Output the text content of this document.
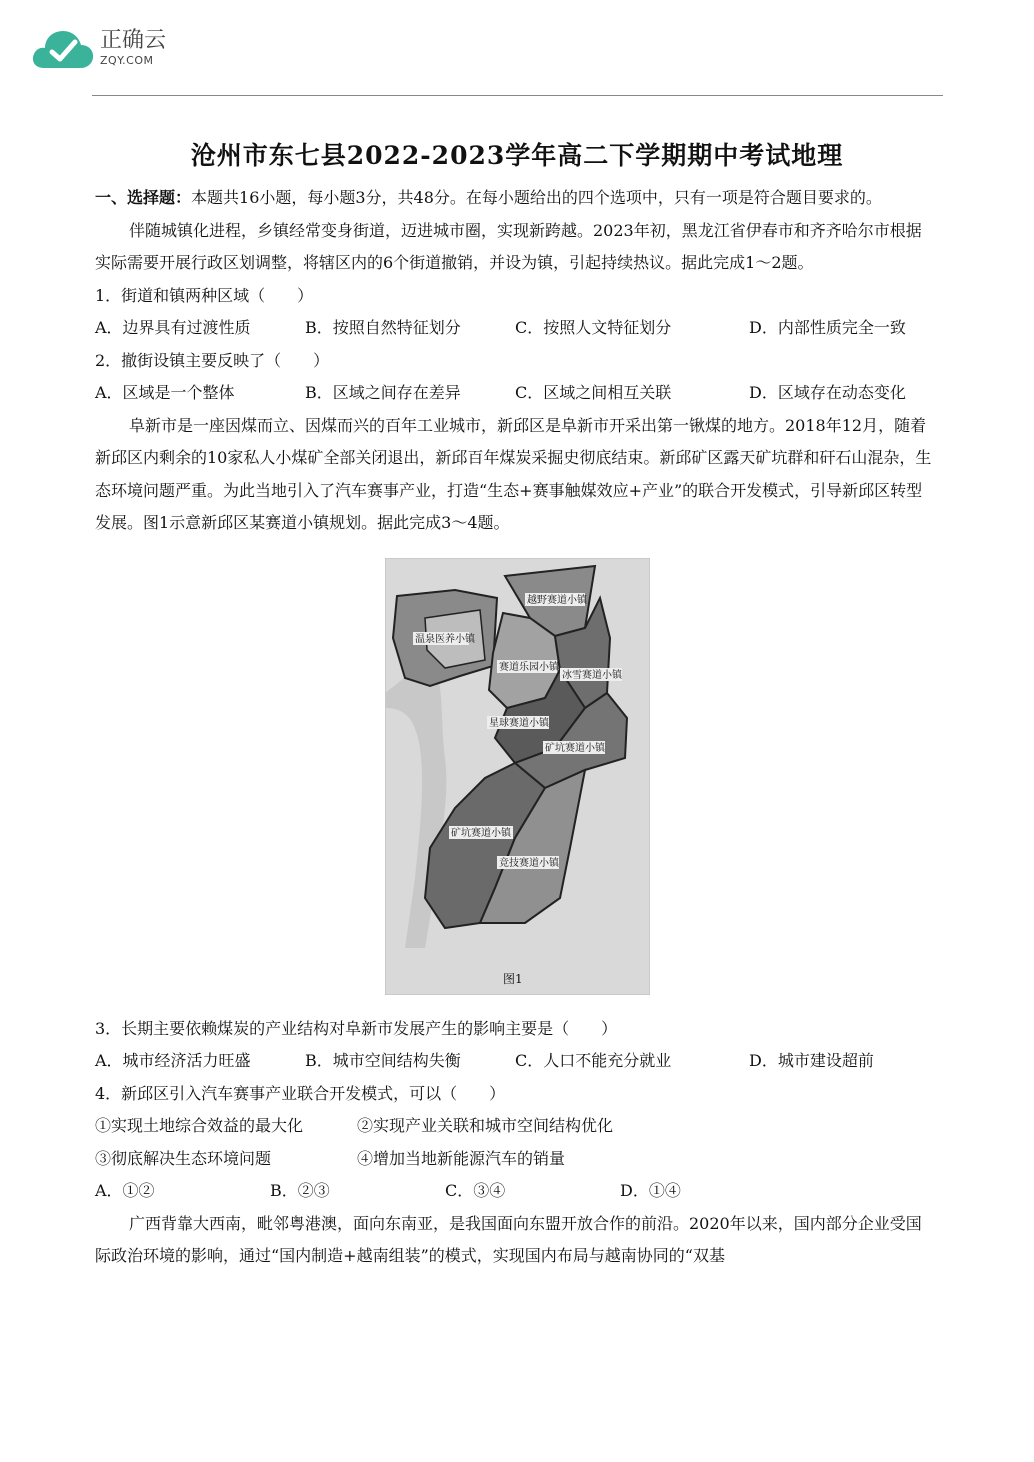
正确云
ZQY.COM
沧州市东七县2022-2023学年高二下学期期中考试地理

一、选择题：本题共16小题，每小题3分，共48分。在每小题给出的四个选项中，只有一项是符合题目要求的。

伴随城镇化进程，乡镇经常变身街道，迈进城市圈，实现新跨越。2023年初，黑龙江省伊春市和齐齐哈尔市根据实际需要开展行政区划调整，将辖区内的6个街道撤销，并设为镇，引起持续热议。据此完成1～2题。

1．街道和镇两种区域（　　）

A．边界具有过渡性质	B．按照自然特征划分	C．按照人文特征划分	D．内部性质完全一致

2．撤街设镇主要反映了（　　）

A．区域是一个整体	B．区域之间存在差异	C．区域之间相互关联	D．区域存在动态变化

阜新市是一座因煤而立、因煤而兴的百年工业城市，新邱区是阜新市开采出第一锹煤的地方。2018年12月，随着新邱区内剩余的10家私人小煤矿全部关闭退出，新邱百年煤炭采掘史彻底结束。新邱矿区露天矿坑群和矸石山混杂，生态环境问题严重。为此当地引入了汽车赛事产业，打造“生态+赛事触媒效应+产业”的联合开发模式，引导新邱区转型发展。图1示意新邱区某赛道小镇规划。据此完成3～4题。

温泉医养小镇
越野赛道小镇
赛道乐园小镇
冰雪赛道小镇
星球赛道小镇
矿坑赛道小镇
矿坑赛道小镇
竞技赛道小镇
图1

3．长期主要依赖煤炭的产业结构对阜新市发展产生的影响主要是（　　）

A．城市经济活力旺盛	B．城市空间结构失衡	C．人口不能充分就业	D．城市建设超前

4．新邱区引入汽车赛事产业联合开发模式，可以（　　）

①实现土地综合效益的最大化	②实现产业关联和城市空间结构优化
③彻底解决生态环境问题	④增加当地新能源汽车的销量
A．①②	B．②③	C．③④	D．①④

广西背靠大西南，毗邻粤港澳，面向东南亚，是我国面向东盟开放合作的前沿。2020年以来，国内部分企业受国际政治环境的影响，通过“国内制造+越南组装”的模式，实现国内布局与越南协同的“双基
